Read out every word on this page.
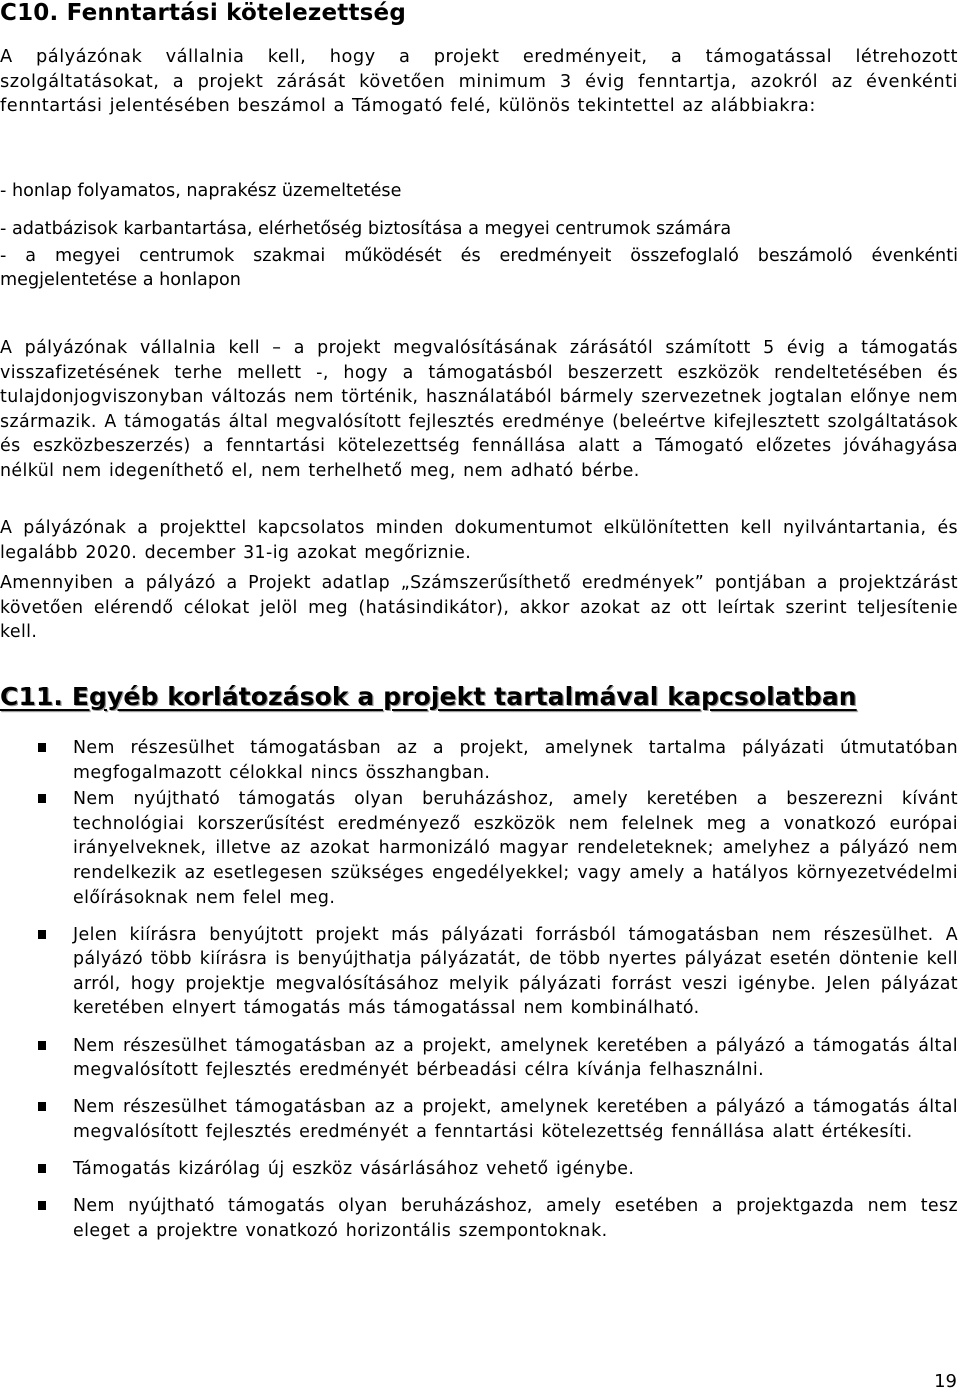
C10. Fenntartási kötelezettség

A pályázónak vállalnia kell, hogy a projekt eredményeit, a támogatással létrehozott szolgáltatásokat, a projekt zárását követően minimum 3 évig fenntartja, azokról az évenkénti fenntartási jelentésében beszámol a Támogató felé, különös tekintettel az alábbiakra:

- honlap folyamatos, naprakész üzemeltetése

- adatbázisok karbantartása, elérhetőség biztosítása a megyei centrumok számára

- a megyei centrumok szakmai működését és eredményeit összefoglaló beszámoló évenkénti megjelentetése a honlapon

A pályázónak vállalnia kell – a projekt megvalósításának zárásától számított 5 évig a támogatás visszafizetésének terhe mellett -, hogy a támogatásból beszerzett eszközök rendeltetésében és tulajdonjogviszonyban változás nem történik, használatából bármely szervezetnek jogtalan előnye nem származik. A támogatás által megvalósított fejlesztés eredménye (beleértve kifejlesztett szolgáltatások és eszközbeszerzés) a fenntartási kötelezettség fennállása alatt a Támogató előzetes jóváhagyása nélkül nem idegeníthető el, nem terhelhető meg, nem adható bérbe.

A pályázónak a projekttel kapcsolatos minden dokumentumot elkülönítetten kell nyilvántartania, és legalább 2020. december 31-ig azokat megőriznie.

Amennyiben a pályázó a Projekt adatlap „Számszerűsíthető eredmények” pontjában a projektzárást követően elérendő célokat jelöl meg (hatásindikátor), akkor azokat az ott leírtak szerint teljesítenie kell.

C11. Egyéb korlátozások a projekt tartalmával kapcsolatban
Nem részesülhet támogatásban az a projekt, amelynek tartalma pályázati útmutatóban megfogalmazott célokkal nincs összhangban.
Nem nyújtható támogatás olyan beruházáshoz, amely keretében a beszerezni kívánt technológiai korszerűsítést eredményező eszközök nem felelnek meg a vonatkozó európai irányelveknek, illetve az azokat harmonizáló magyar rendeleteknek; amelyhez a pályázó nem rendelkezik az esetlegesen szükséges engedélyekkel; vagy amely a hatályos környezetvédelmi előírásoknak nem felel meg.
Jelen kiírásra benyújtott projekt más pályázati forrásból támogatásban nem részesülhet. A pályázó több kiírásra is benyújthatja pályázatát, de több nyertes pályázat esetén döntenie kell arról, hogy projektje megvalósításához melyik pályázati forrást veszi igénybe. Jelen pályázat keretében elnyert támogatás más támogatással nem kombinálható.
Nem részesülhet támogatásban az a projekt, amelynek keretében a pályázó a támogatás által megvalósított fejlesztés eredményét bérbeadási célra kívánja felhasználni.
Nem részesülhet támogatásban az a projekt, amelynek keretében a pályázó a támogatás által megvalósított fejlesztés eredményét a fenntartási kötelezettség fennállása alatt értékesíti.
Támogatás kizárólag új eszköz vásárlásához vehető igénybe.
Nem nyújtható támogatás olyan beruházáshoz, amely esetében a projektgazda nem tesz eleget a projektre vonatkozó horizontális szempontoknak.
19
